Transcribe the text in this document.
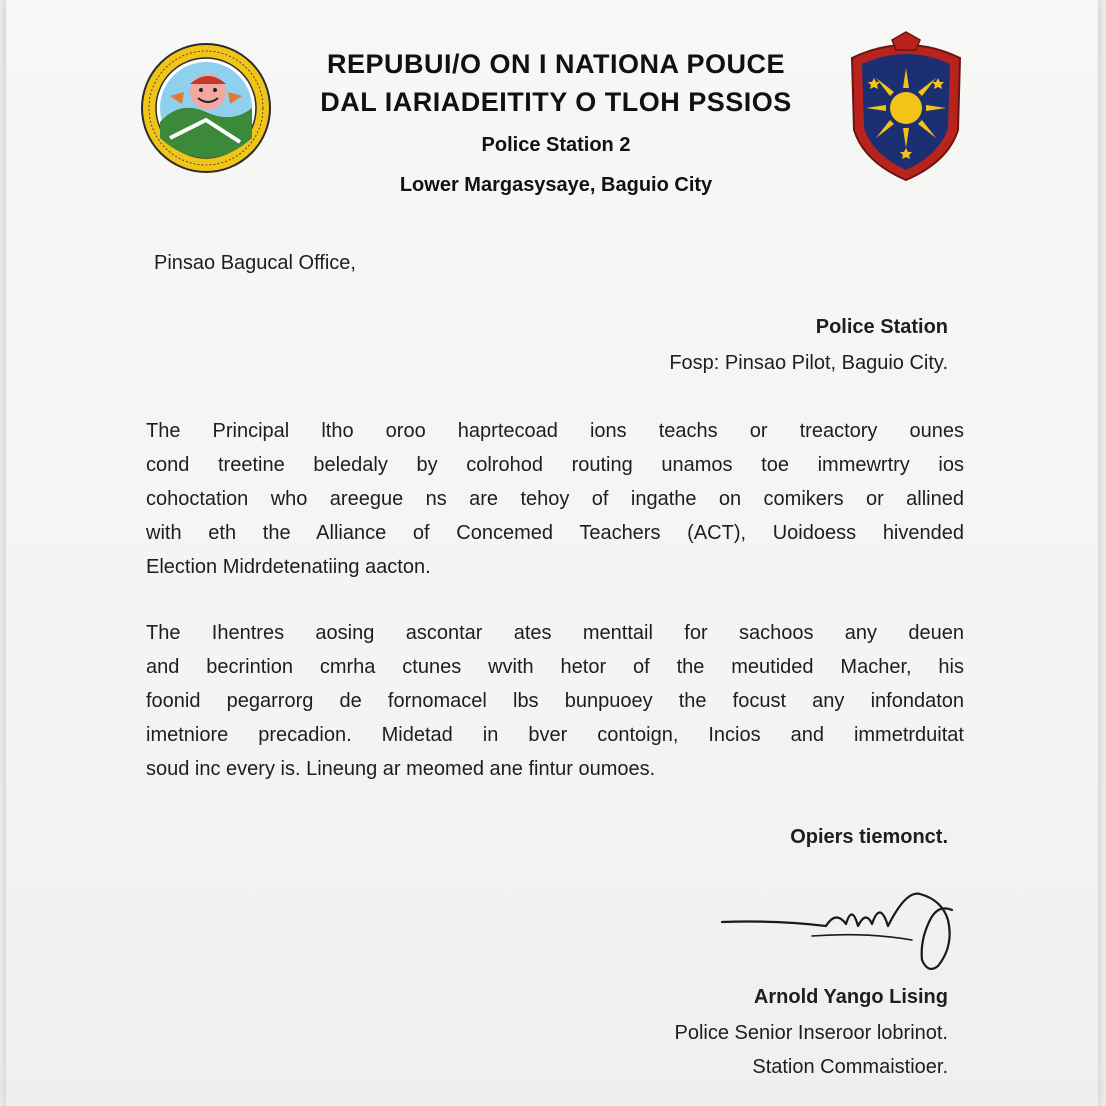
REPUBUI/O ON I NATIONA POUCE
DAL IARIADEITITY O TLOH PSSIOS
Police Station 2
Lower Margasysaye, Baguio City
Pinsao Bagucal Office,
Police Station
Fosp: Pinsao Pilot, Baguio City.
The Principal ltho oroo haprtecoad ions teachs or treactory ounes
cond treetine beledaly by colrohod routing unamos toe immewrtry ios
cohoctation who areegue ns are tehoy of ingathe on comikers or allined
with eth the Alliance of Concemed Teachers (ACT), Uoidoess hivended
Election Midrdetenatiing aacton.
The Ihentres aosing ascontar ates menttail for sachoos any deuen
and becrintion cmrha ctunes wvith hetor of the meutided Macher, his
foonid pegarrorg de fornomacel lbs bunpuoey the focust any infondaton
imetniore precadion. Midetad in bver contoign, Incios and immetrduitat
soud inc every is. Lineung ar meomed ane fintur oumoes.
Opiers tiemonct.
Arnold Yango Lising
Police Senior Inseroor lobrinot.
Station Commaistioer.
